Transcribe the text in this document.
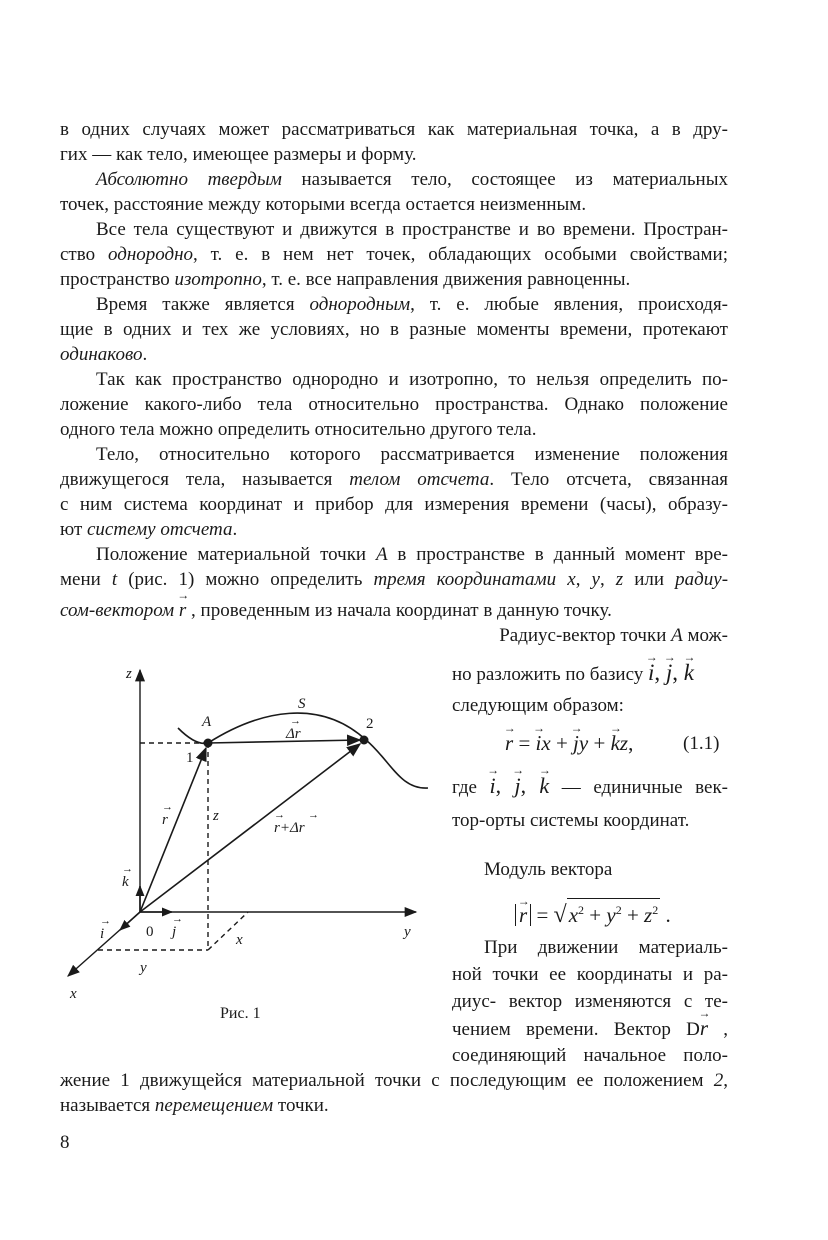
в одних случаях может рассматриваться как материальная точка, а в дру-
гих — как тело, имеющее размеры и форму.
Абсолютно твердым называется тело, состоящее из материальных
точек, расстояние между которыми всегда остается неизменным.
Все тела существуют и движутся в пространстве и во времени. Простран-
ство однородно, т. е. в нем нет точек, обладающих особыми свойствами;
пространство изотропно, т. е. все направления движения равноценны.
Время также является однородным, т. е. любые явления, происходя-
щие в одних и тех же условиях, но в разные моменты времени, протекают
одинаково.
Так как пространство однородно и изотропно, то нельзя определить по-
ложение какого-либо тела относительно пространства. Однако положение
одного тела можно определить относительно другого тела.
Тело, относительно которого рассматривается изменение положения
движущегося тела, называется телом отсчета. Тело отсчета, связанная
с ним система координат и прибор для измерения времени (часы), образу-
ют систему отсчета.
Положение материальной точки A в пространстве в данный момент вре-
мени t (рис. 1) можно определить тремя координатами x, y, z или радиу-
сом-вектором → r , проведенным из начала координат в данную точку.
Радиус-вектор точки A мож-
но разложить по базису → i, → j, → k
следующим образом:
→ r = → ix + → jy + → kz,	(1.1)
где → i, → j, → k — единичные век-
тор-орты системы координат.
Модуль вектора
→ $r = √x^2 + y^2 + z^2$ .
При движении материаль-
ной точки ее координаты и ра-
диус- вектор изменяются с те-
чением времени. Вектор D→ r ,
соединяющий начальное поло-
жение 1 движущейся материальной точки с последующим ее положением 2,
называется перемещением точки.
z
y
x
A
S
x
y
z
Δr
r	r+Δr
k
j
i
→
→
→ →
→
→
→
0
1
2
Рис. 1
8
